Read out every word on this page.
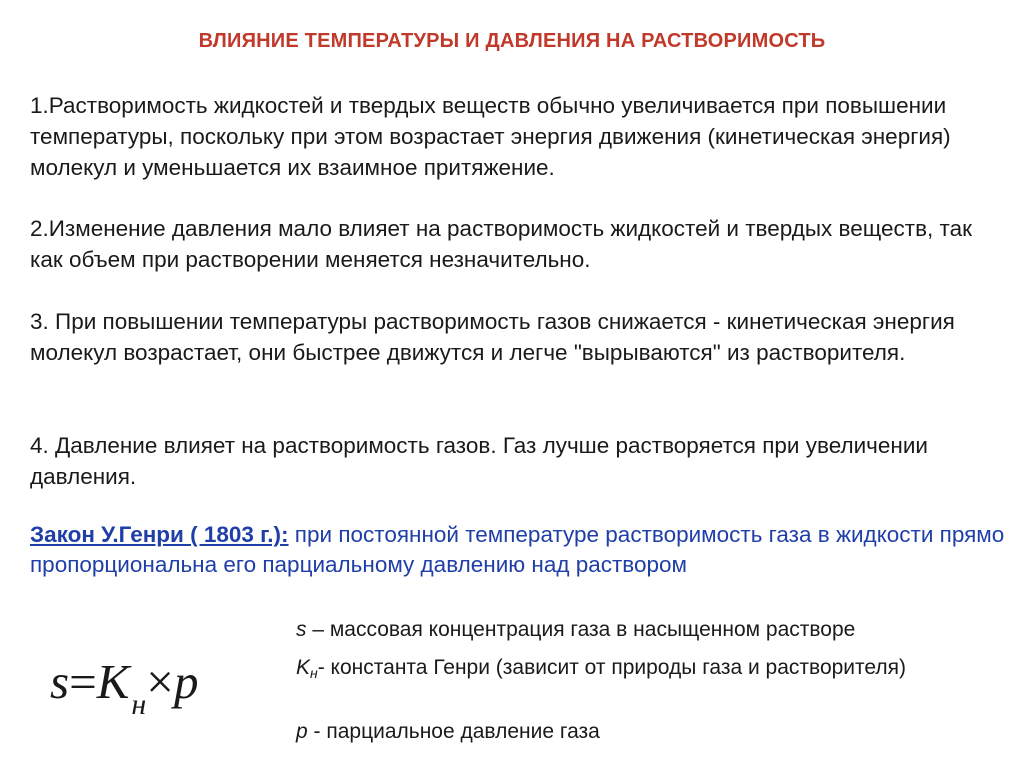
ВЛИЯНИЕ ТЕМПЕРАТУРЫ И ДАВЛЕНИЯ НА РАСТВОРИМОСТЬ
1.Растворимость жидкостей и твердых веществ обычно увеличивается при повышении температуры, поскольку при этом возрастает энергия движения (кинетическая энергия) молекул и уменьшается их взаимное притяжение.
2.Изменение давления мало влияет на растворимость жидкостей и твердых веществ, так как объем при растворении меняется незначительно.
3. При повышении температуры растворимость газов снижается - кинетическая энергия молекул возрастает, они быстрее движутся и легче "вырываются" из растворителя.
4. Давление влияет на растворимость газов. Газ лучше растворяется при увеличении давления.
Закон У.Генри ( 1803 г.): при постоянной температуре растворимость газа в жидкости прямо пропорциональна его парциальному давлению над раствором
$s=K_н\times p$
s – массовая концентрация газа в насыщенном растворе
Kн- константа Генри (зависит от природы газа и растворителя)
p - парциальное давление газа
